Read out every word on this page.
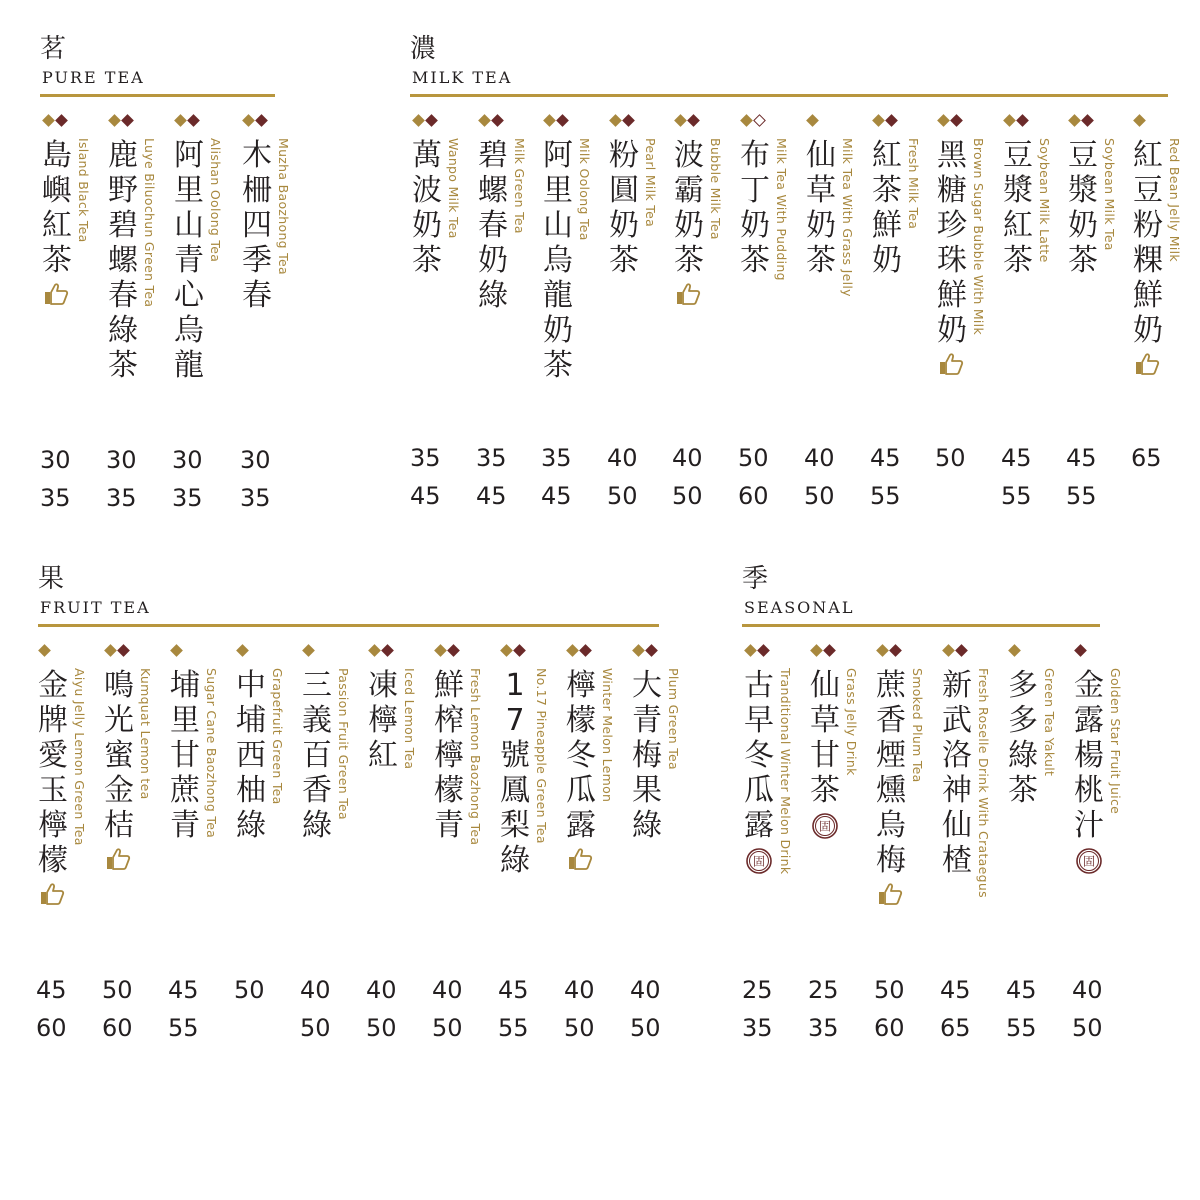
茗
PURE TEA
島嶼紅茶
Island Black Tea
30
35
鹿野碧螺春綠茶
Luye Biluochun Green Tea
30
35
阿里山青心烏龍
Alishan Oolong Tea
30
35
木柵四季春
Muzha Baozhong Tea
30
35
濃
MILK TEA
萬波奶茶
Wanpo Milk Tea
35
45
碧螺春奶綠
Milk Green Tea
35
45
阿里山烏龍奶茶
Milk Oolong Tea
35
45
粉圓奶茶
Pearl Milk Tea
40
50
波霸奶茶
Bubble Milk Tea
40
50
布丁奶茶 Milk Tea With Pudding
50
60
仙草奶茶 Milk Tea With Grass Jelly
40
50
紅茶鮮奶
Fresh Milk Tea
45
55
黑糖珍珠鮮奶 Brown Sugar Bubble With Milk
50
豆漿紅茶 Soybean Milk Latte
45
55
豆漿奶茶
Soybean Milk Tea
45
55
紅豆粉粿鮮奶
Red Bean Jelly Milk
65
果
FRUIT TEA
金牌愛玉檸檬
Aiyu Jelly Lemon Green Tea
45
60
鳴光蜜金桔
Kumquat Lemon tea
50
60
埔里甘蔗青 Sugar Cane Baozhong Tea
45
55
中埔西柚綠
Grapefruit Green Tea
50
三義百香綠
Passion Fruit Green Tea
40
50
凍檸紅 Iced Lemon Tea
40
50
鮮榨檸檬青 Fresh Lemon Baozhong Tea
40
50
17號鳳梨綠
No.17 Pineapple Green Tea
45
55
檸檬冬瓜露
Winter Melon Lemon
40
50
大青梅果綠
Plum Green Tea
40
50
季
SEASONAL
古早冬瓜露 Tranditional Winter Melon Drink
固
25
35
仙草甘茶
Grass Jelly Drink
固
25
35
蔗香煙燻烏梅
Smoked Plum Tea
50
60
新武洛神仙楂 Fresh Roselle Drink With Crataegus
45
65
多多綠茶
Green Tea Yakult
45
55
金露楊桃汁
Golden Star Fruit Juice
固
40
50
